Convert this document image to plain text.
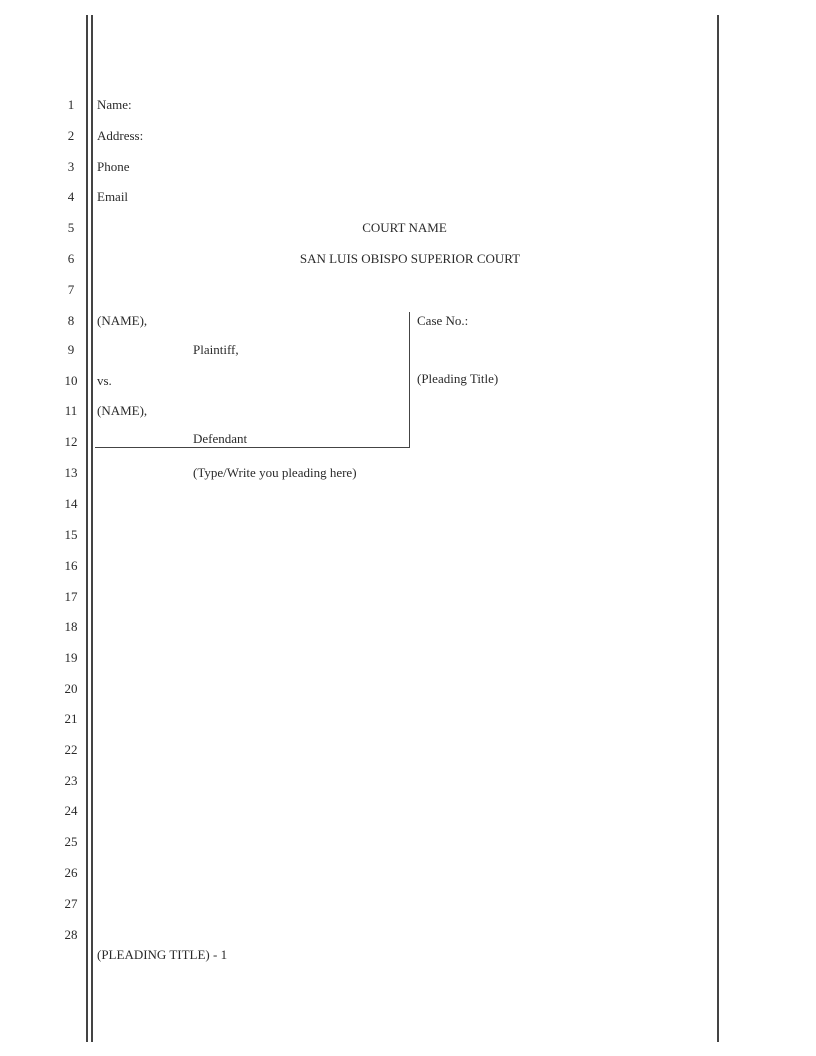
1
2
3
4
5
6
7
8
9
10
11
12
13
14
15
16
17
18
19
20
21
22
23
24
25
26
27
28
Name:
Address:
Phone
Email
COURT NAME
SAN LUIS OBISPO SUPERIOR COURT
(NAME),
Plaintiff,
vs.
(NAME),
Defendant
Case No.:
(Pleading Title)
(Type/Write you pleading here)
(PLEADING TITLE) - 1
